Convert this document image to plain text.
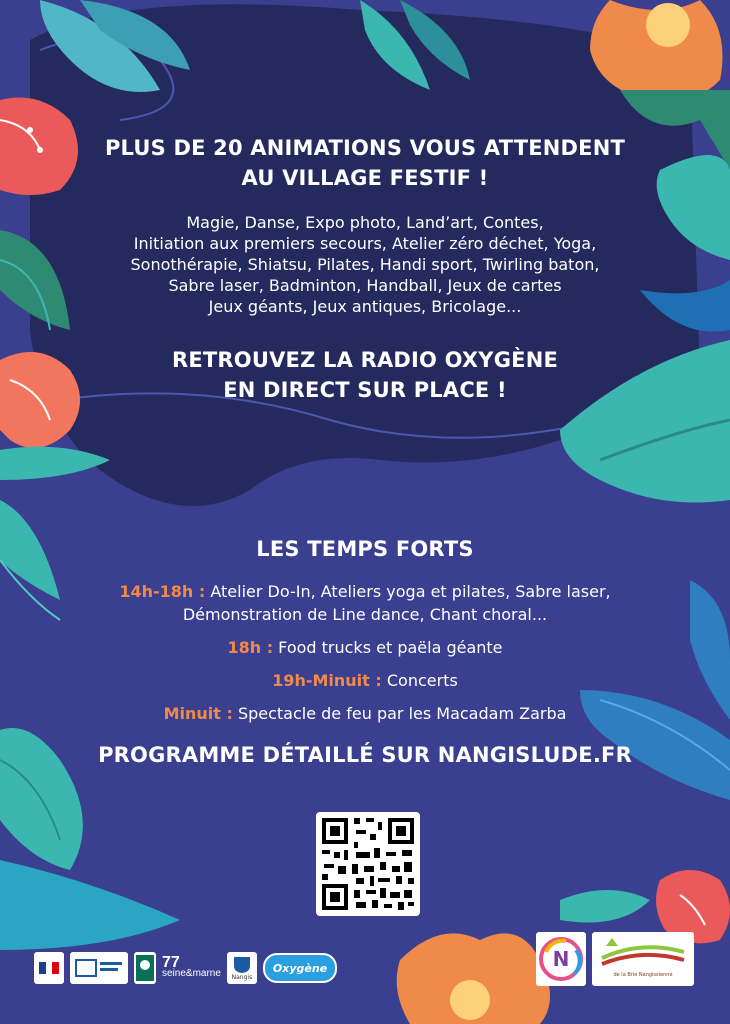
PLUS DE 20 ANIMATIONS VOUS ATTENDENT
AU VILLAGE FESTIF !
Magie, Danse, Expo photo, Land’art, Contes,
Initiation aux premiers secours, Atelier zéro déchet, Yoga,
Sonothérapie, Shiatsu, Pilates, Handi sport, Twirling baton,
Sabre laser, Badminton, Handball, Jeux de cartes
Jeux géants, Jeux antiques, Bricolage...
RETROUVEZ LA RADIO OXYGÈNE
EN DIRECT SUR PLACE !
LES TEMPS FORTS
14h-18h : Atelier Do-In, Ateliers yoga et pilates, Sabre laser,
Démonstration de Line dance, Chant choral...
18h : Food trucks et paëla géante
19h-Minuit : Concerts
Minuit : Spectacle de feu par les Macadam Zarba
PROGRAMME DÉTAILLÉ SUR NANGISLUDE.FR
77
seine&marne Nangis
Oxygène	N
de la Brie Nangissienne
